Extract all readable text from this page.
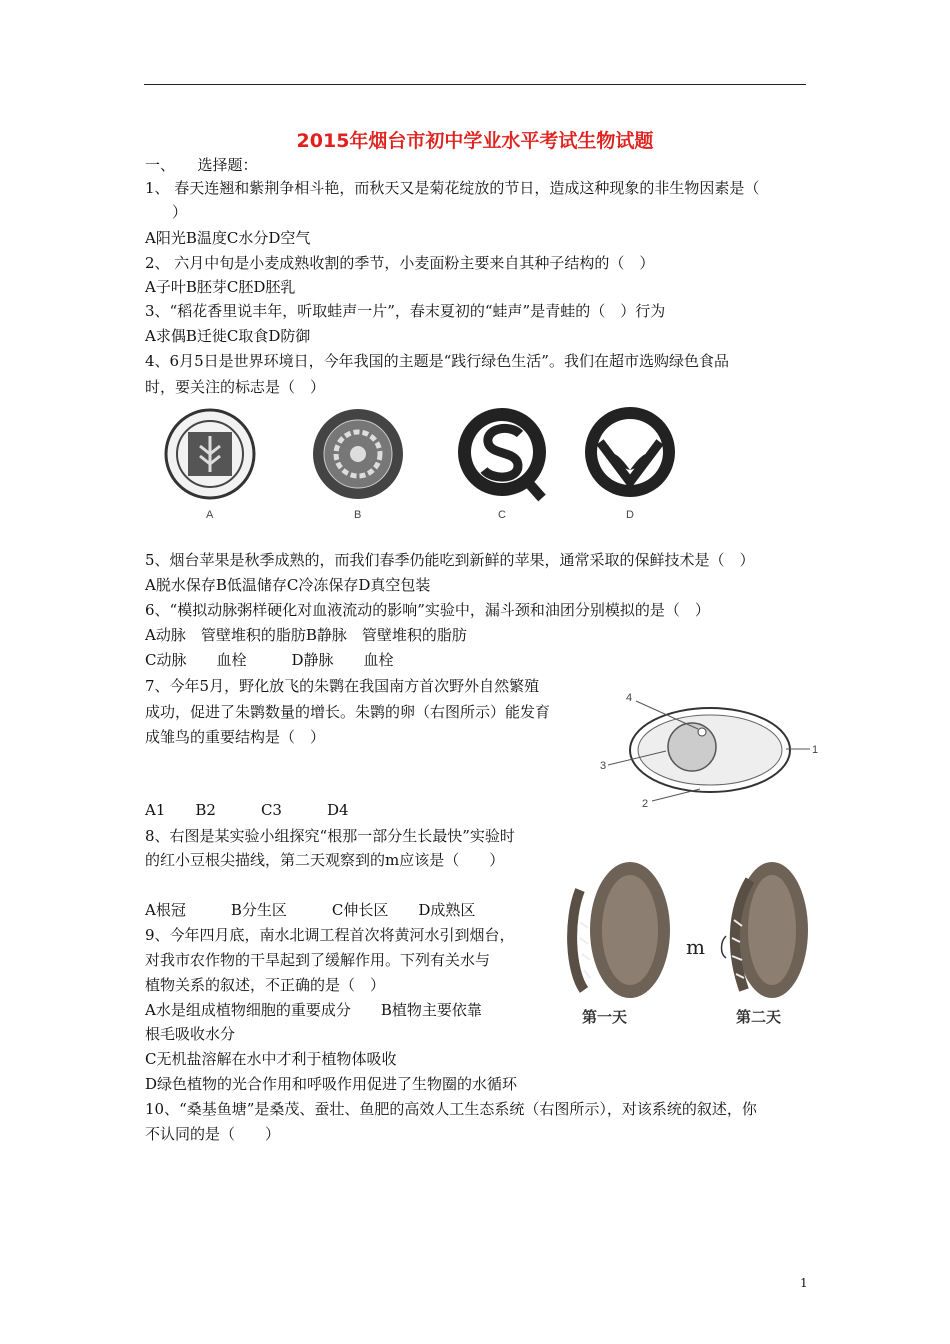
2015年烟台市初中学业水平考试生物试题
一、　　选择题：
1、 春天连翘和紫荆争相斗艳，而秋天又是菊花绽放的节日，造成这种现象的非生物因素是（
）
A阳光B温度C水分D空气
2、 六月中旬是小麦成熟收割的季节，小麦面粉主要来自其种子结构的（　）
A子叶B胚芽C胚D胚乳
3、“稻花香里说丰年，听取蛙声一片”，春末夏初的“蛙声”是青蛙的（　）行为
A求偶B迁徙C取食D防御
4、6月5日是世界环境日，今年我国的主题是“践行绿色生活”。我们在超市选购绿色食品
时，要关注的标志是（　）
A	B	C	D
5、烟台苹果是秋季成熟的，而我们春季仍能吃到新鲜的苹果，通常采取的保鲜技术是（　）
A脱水保存B低温储存C冷冻保存D真空包装
6、“模拟动脉粥样硬化对血液流动的影响”实验中，漏斗颈和油团分别模拟的是（　）
A动脉　管壁堆积的脂肪B静脉　管壁堆积的脂肪
C动脉　　血栓　　　D静脉　　血栓
7、今年5月，野化放飞的朱鹮在我国南方首次野外自然繁殖
成功，促进了朱鹮数量的增长。朱鹮的卵（右图所示）能发育
成雏鸟的重要结构是（　）
4
3
1
2
A1　　B2　　　C3　　　D4
8、右图是某实验小组探究“根那一部分生长最快”实验时
的红小豆根尖描线，第二天观察到的m应该是（　　）
m
第一天	第二天
A根冠　　　B分生区　　　C伸长区　　D成熟区
9、今年四月底，南水北调工程首次将黄河水引到烟台，
对我市农作物的干旱起到了缓解作用。下列有关水与
植物关系的叙述，不正确的是（　）
A水是组成植物细胞的重要成分　　B植物主要依靠
根毛吸收水分
C无机盐溶解在水中才利于植物体吸收
D绿色植物的光合作用和呼吸作用促进了生物圈的水循环
10、“桑基鱼塘”是桑茂、蚕壮、鱼肥的高效人工生态系统（右图所示），对该系统的叙述，你
不认同的是（　　）
1
